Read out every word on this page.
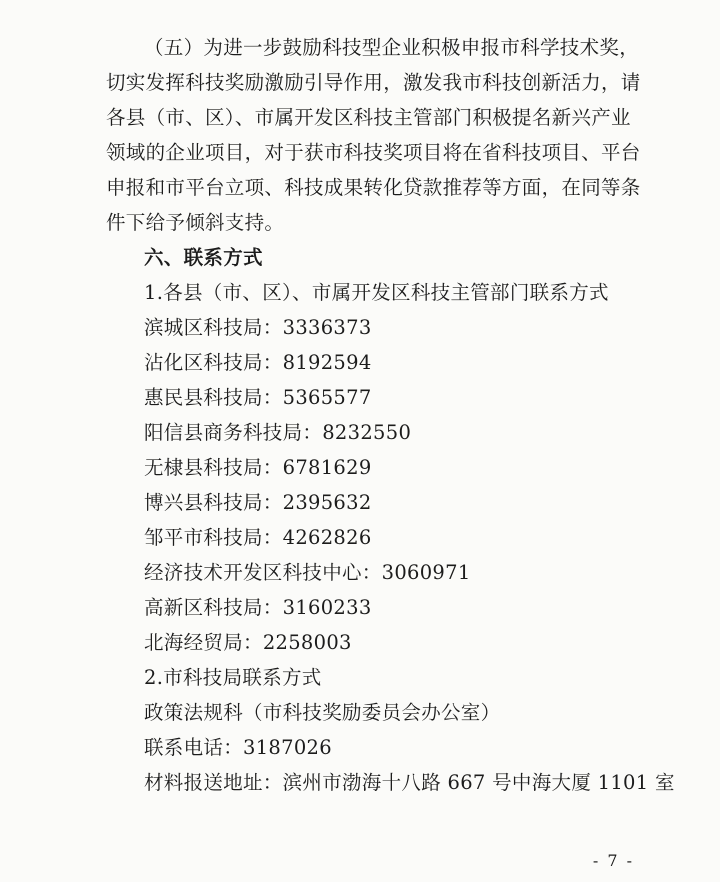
（五）为进一步鼓励科技型企业积极申报市科学技术奖，
切实发挥科技奖励激励引导作用，激发我市科技创新活力，请
各县（市、区）、市属开发区科技主管部门积极提名新兴产业
领域的企业项目，对于获市科技奖项目将在省科技项目、平台
申报和市平台立项、科技成果转化贷款推荐等方面，在同等条
件下给予倾斜支持。
六、联系方式
1.各县（市、区）、市属开发区科技主管部门联系方式
滨城区科技局：3336373
沾化区科技局：8192594
惠民县科技局：5365577
阳信县商务科技局：8232550
无棣县科技局：6781629
博兴县科技局：2395632
邹平市科技局：4262826
经济技术开发区科技中心：3060971
高新区科技局：3160233
北海经贸局：2258003
2.市科技局联系方式
政策法规科（市科技奖励委员会办公室）
联系电话：3187026
材料报送地址：滨州市渤海十八路 667 号中海大厦 1101 室
- 7 -
